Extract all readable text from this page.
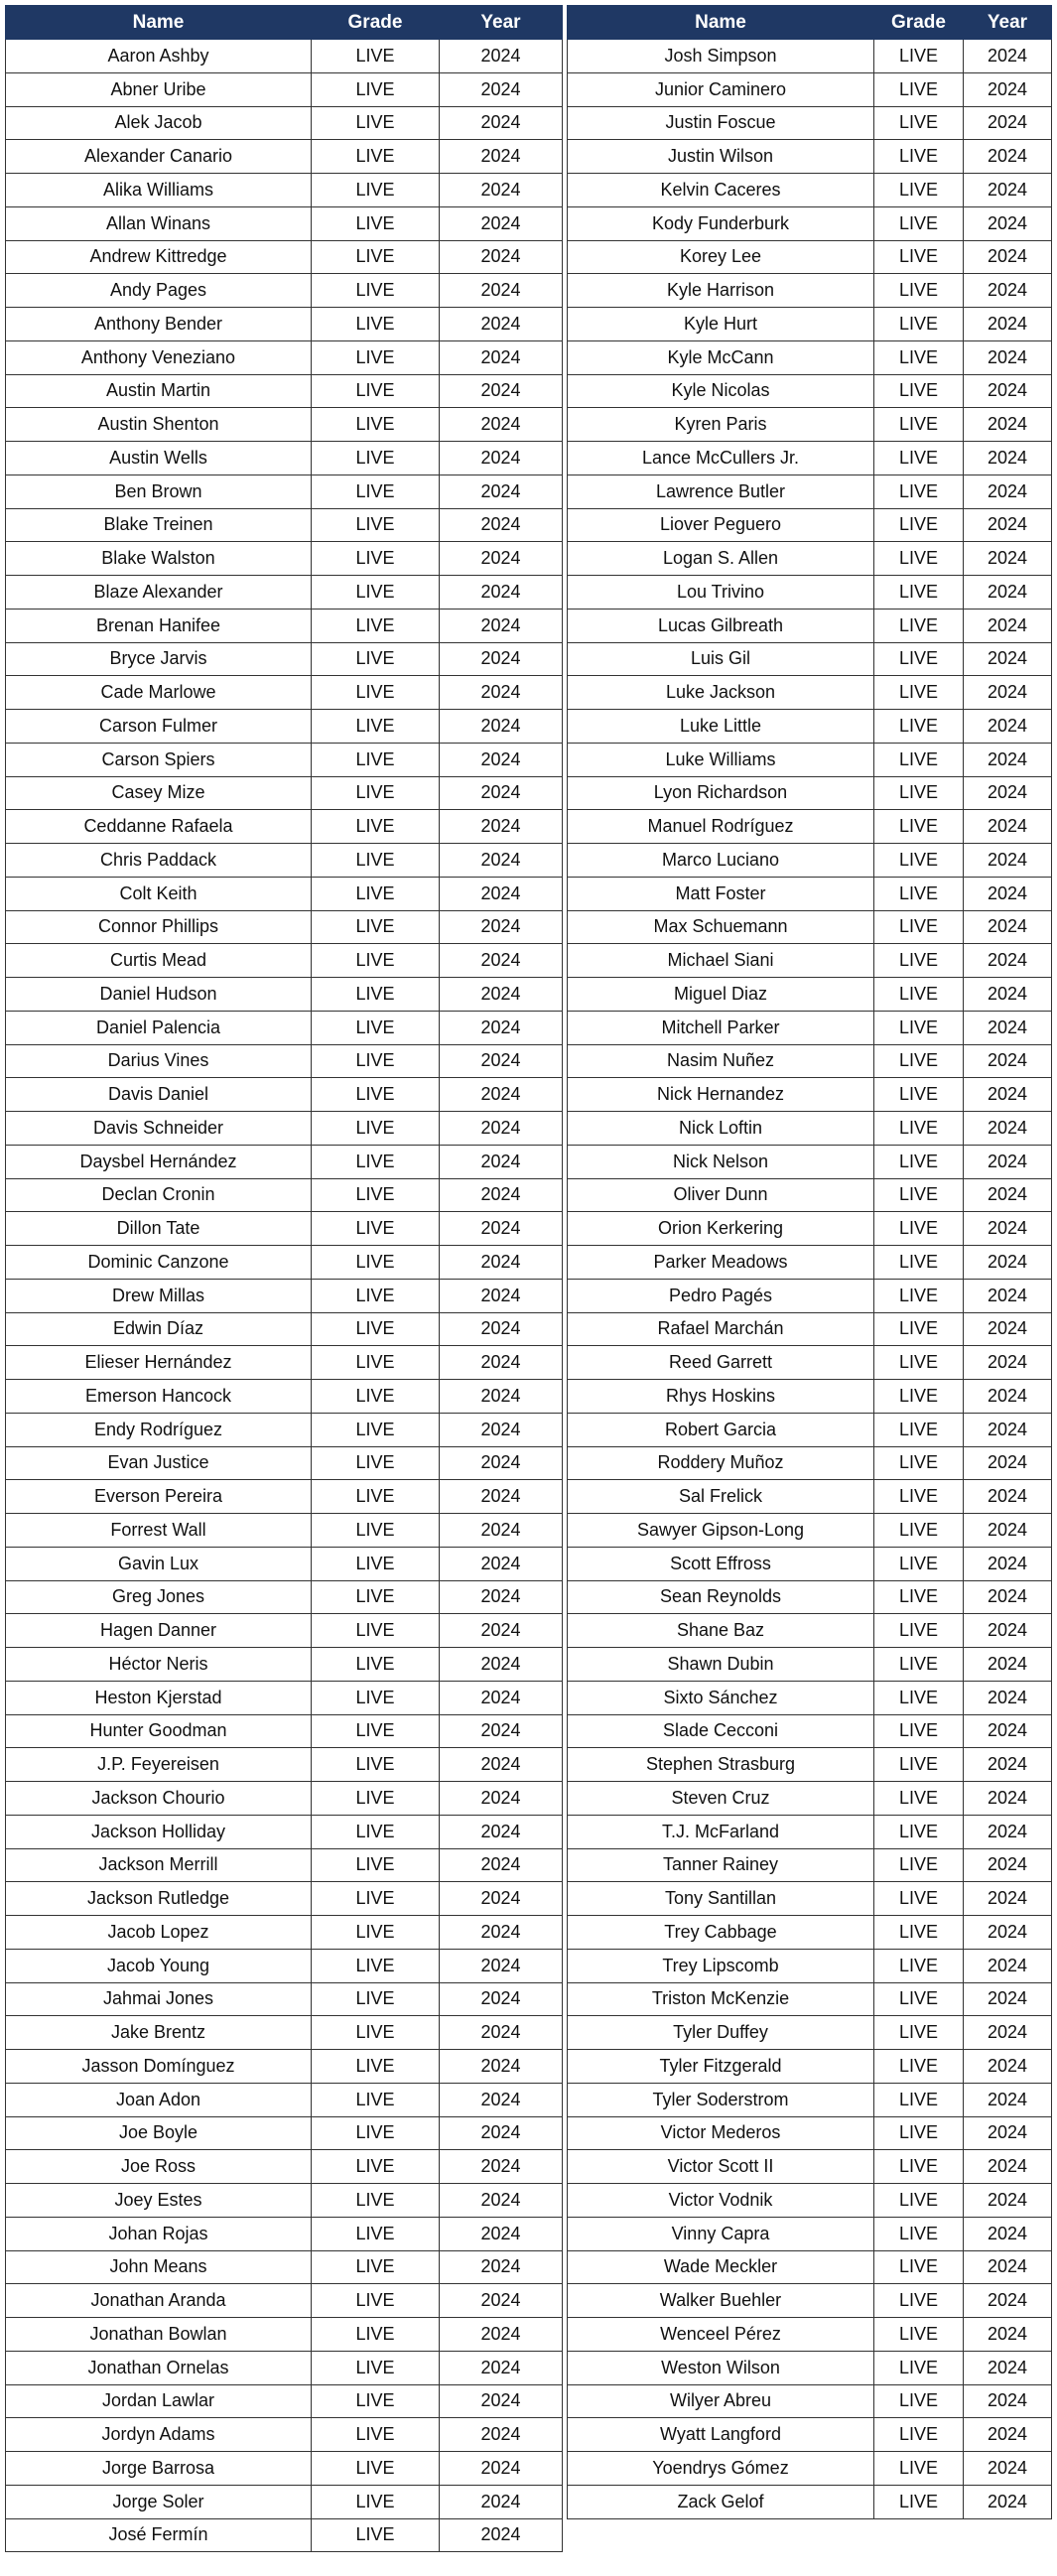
Name	Grade	Year
Aaron Ashby	LIVE	2024
Abner Uribe	LIVE	2024
Alek Jacob	LIVE	2024
Alexander Canario	LIVE	2024
Alika Williams	LIVE	2024
Allan Winans	LIVE	2024
Andrew Kittredge	LIVE	2024
Andy Pages	LIVE	2024
Anthony Bender	LIVE	2024
Anthony Veneziano	LIVE	2024
Austin Martin	LIVE	2024
Austin Shenton	LIVE	2024
Austin Wells	LIVE	2024
Ben Brown	LIVE	2024
Blake Treinen	LIVE	2024
Blake Walston	LIVE	2024
Blaze Alexander	LIVE	2024
Brenan Hanifee	LIVE	2024
Bryce Jarvis	LIVE	2024
Cade Marlowe	LIVE	2024
Carson Fulmer	LIVE	2024
Carson Spiers	LIVE	2024
Casey Mize	LIVE	2024
Ceddanne Rafaela	LIVE	2024
Chris Paddack	LIVE	2024
Colt Keith	LIVE	2024
Connor Phillips	LIVE	2024
Curtis Mead	LIVE	2024
Daniel Hudson	LIVE	2024
Daniel Palencia	LIVE	2024
Darius Vines	LIVE	2024
Davis Daniel	LIVE	2024
Davis Schneider	LIVE	2024
Daysbel Hernández	LIVE	2024
Declan Cronin	LIVE	2024
Dillon Tate	LIVE	2024
Dominic Canzone	LIVE	2024
Drew Millas	LIVE	2024
Edwin Díaz	LIVE	2024
Elieser Hernández	LIVE	2024
Emerson Hancock	LIVE	2024
Endy Rodríguez	LIVE	2024
Evan Justice	LIVE	2024
Everson Pereira	LIVE	2024
Forrest Wall	LIVE	2024
Gavin Lux	LIVE	2024
Greg Jones	LIVE	2024
Hagen Danner	LIVE	2024
Héctor Neris	LIVE	2024
Heston Kjerstad	LIVE	2024
Hunter Goodman	LIVE	2024
J.P. Feyereisen	LIVE	2024
Jackson Chourio	LIVE	2024
Jackson Holliday	LIVE	2024
Jackson Merrill	LIVE	2024
Jackson Rutledge	LIVE	2024
Jacob Lopez	LIVE	2024
Jacob Young	LIVE	2024
Jahmai Jones	LIVE	2024
Jake Brentz	LIVE	2024
Jasson Domínguez	LIVE	2024
Joan Adon	LIVE	2024
Joe Boyle	LIVE	2024
Joe Ross	LIVE	2024
Joey Estes	LIVE	2024
Johan Rojas	LIVE	2024
John Means	LIVE	2024
Jonathan Aranda	LIVE	2024
Jonathan Bowlan	LIVE	2024
Jonathan Ornelas	LIVE	2024
Jordan Lawlar	LIVE	2024
Jordyn Adams	LIVE	2024
Jorge Barrosa	LIVE	2024
Jorge Soler	LIVE	2024
José Fermín	LIVE	2024
Name	Grade	Year
Josh Simpson	LIVE	2024
Junior Caminero	LIVE	2024
Justin Foscue	LIVE	2024
Justin Wilson	LIVE	2024
Kelvin Caceres	LIVE	2024
Kody Funderburk	LIVE	2024
Korey Lee	LIVE	2024
Kyle Harrison	LIVE	2024
Kyle Hurt	LIVE	2024
Kyle McCann	LIVE	2024
Kyle Nicolas	LIVE	2024
Kyren Paris	LIVE	2024
Lance McCullers Jr.	LIVE	2024
Lawrence Butler	LIVE	2024
Liover Peguero	LIVE	2024
Logan S. Allen	LIVE	2024
Lou Trivino	LIVE	2024
Lucas Gilbreath	LIVE	2024
Luis Gil	LIVE	2024
Luke Jackson	LIVE	2024
Luke Little	LIVE	2024
Luke Williams	LIVE	2024
Lyon Richardson	LIVE	2024
Manuel Rodríguez	LIVE	2024
Marco Luciano	LIVE	2024
Matt Foster	LIVE	2024
Max Schuemann	LIVE	2024
Michael Siani	LIVE	2024
Miguel Diaz	LIVE	2024
Mitchell Parker	LIVE	2024
Nasim Nuñez	LIVE	2024
Nick Hernandez	LIVE	2024
Nick Loftin	LIVE	2024
Nick Nelson	LIVE	2024
Oliver Dunn	LIVE	2024
Orion Kerkering	LIVE	2024
Parker Meadows	LIVE	2024
Pedro Pagés	LIVE	2024
Rafael Marchán	LIVE	2024
Reed Garrett	LIVE	2024
Rhys Hoskins	LIVE	2024
Robert Garcia	LIVE	2024
Roddery Muñoz	LIVE	2024
Sal Frelick	LIVE	2024
Sawyer Gipson-Long	LIVE	2024
Scott Effross	LIVE	2024
Sean Reynolds	LIVE	2024
Shane Baz	LIVE	2024
Shawn Dubin	LIVE	2024
Sixto Sánchez	LIVE	2024
Slade Cecconi	LIVE	2024
Stephen Strasburg	LIVE	2024
Steven Cruz	LIVE	2024
T.J. McFarland	LIVE	2024
Tanner Rainey	LIVE	2024
Tony Santillan	LIVE	2024
Trey Cabbage	LIVE	2024
Trey Lipscomb	LIVE	2024
Triston McKenzie	LIVE	2024
Tyler Duffey	LIVE	2024
Tyler Fitzgerald	LIVE	2024
Tyler Soderstrom	LIVE	2024
Victor Mederos	LIVE	2024
Victor Scott II	LIVE	2024
Victor Vodnik	LIVE	2024
Vinny Capra	LIVE	2024
Wade Meckler	LIVE	2024
Walker Buehler	LIVE	2024
Wenceel Pérez	LIVE	2024
Weston Wilson	LIVE	2024
Wilyer Abreu	LIVE	2024
Wyatt Langford	LIVE	2024
Yoendrys Gómez	LIVE	2024
Zack Gelof	LIVE	2024
